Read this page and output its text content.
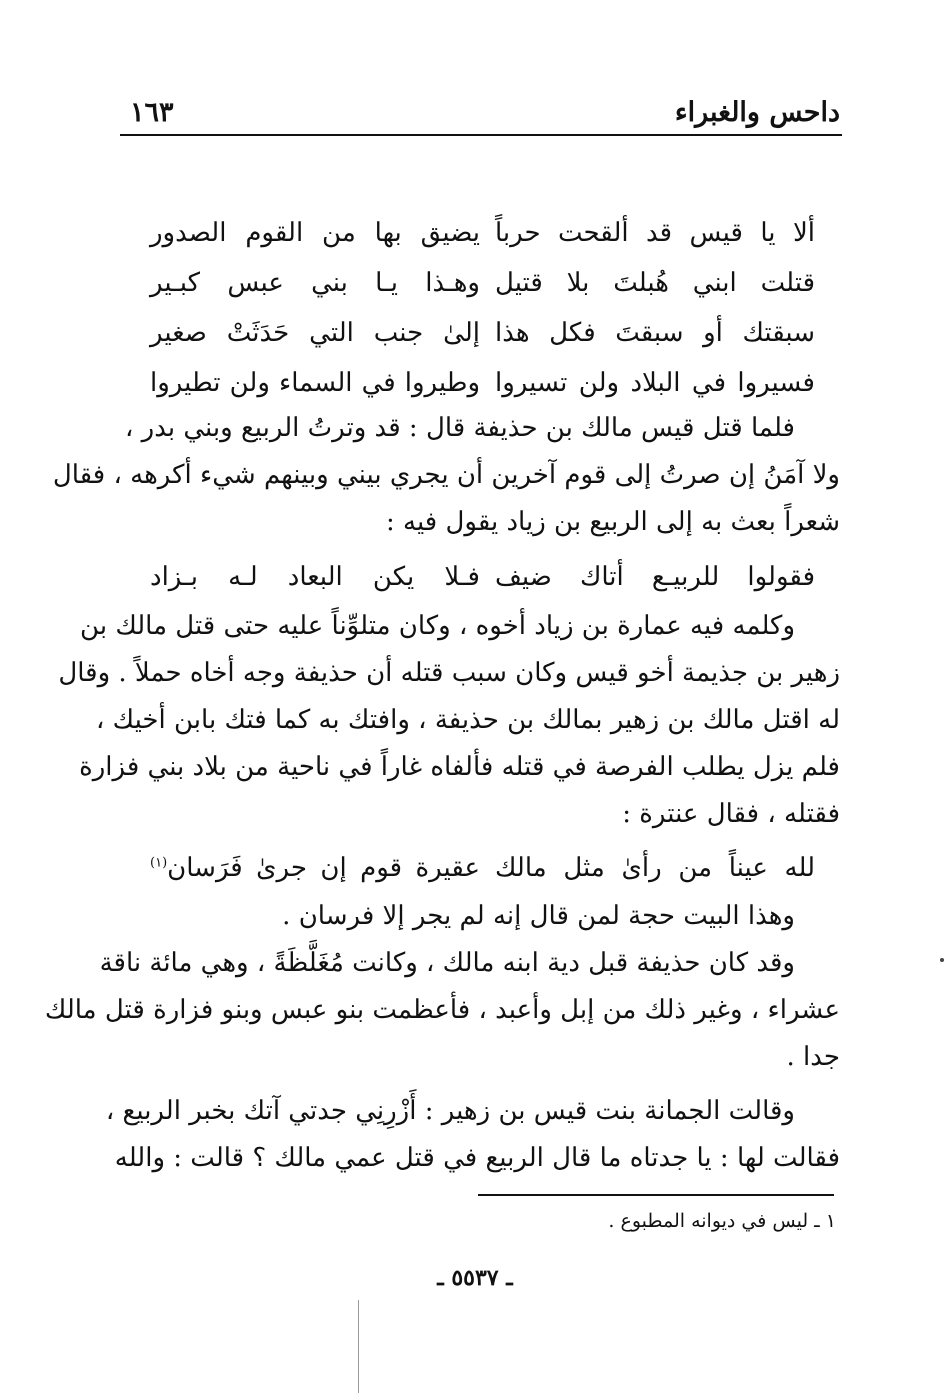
داحس والغبراء
١٦٣
ألا يا قيس قد ألقحت حرباً
يضيق بها من القوم الصدور
قتلت ابني هُبلتَ بلا قتيل
وهـذا يـا بني عبس كبـير
سبقتك أو سبقتَ فكل هذا
إلىٰ جنب التي حَدَثَتْ صغير
فسيروا في البلاد ولن تسيروا
وطيروا في السماء ولن تطيروا
فلما قتل قيس مالك بن حذيفة قال : قد وترتُ الربيع وبني بدر ،
ولا آمَنُ إن صرتُ إلى قوم آخرين أن يجري بيني وبينهم شيء أكرهه ، فقال
شعراً بعث به إلى الربيع بن زياد يقول فيه :
فقولوا للربيـع أتاك ضيف
فـلا يكن البعاد لـه بـزاد
وكلمه فيه عمارة بن زياد أخوه ، وكان متلوِّناً عليه حتى قتل مالك بن
زهير بن جذيمة أخو قيس وكان سبب قتله أن حذيفة وجه أخاه حملاً . وقال
له اقتل مالك بن زهير بمالك بن حذيفة ، وافتك به كما فتك بابن أخيك ،
فلم يزل يطلب الفرصة في قتله فألفاه غاراً في ناحية من بلاد بني فزارة
فقتله ، فقال عنترة :
لله عيناً من رأىٰ مثل مالك
عقيرة قوم إن جرىٰ فَرَسان$^{(١)}$
وهذا البيت حجة لمن قال إنه لم يجر إلا فرسان .
وقد كان حذيفة قبل دية ابنه مالك ، وكانت مُغَلَّظَةً ، وهي مائة ناقة
عشراء ، وغير ذلك من إبل وأعبد ، فأعظمت بنو عبس وبنو فزارة قتل مالك
جدا .
وقالت الجمانة بنت قيس بن زهير : أَزْرِنِي جدتي آتك بخبر الربيع ،
فقالت لها : يا جدتاه ما قال الربيع في قتل عمي مالك ؟ قالت : والله
١ ـ ليس في ديوانه المطبوع .
ـ ٥٥٣٧ ـ
